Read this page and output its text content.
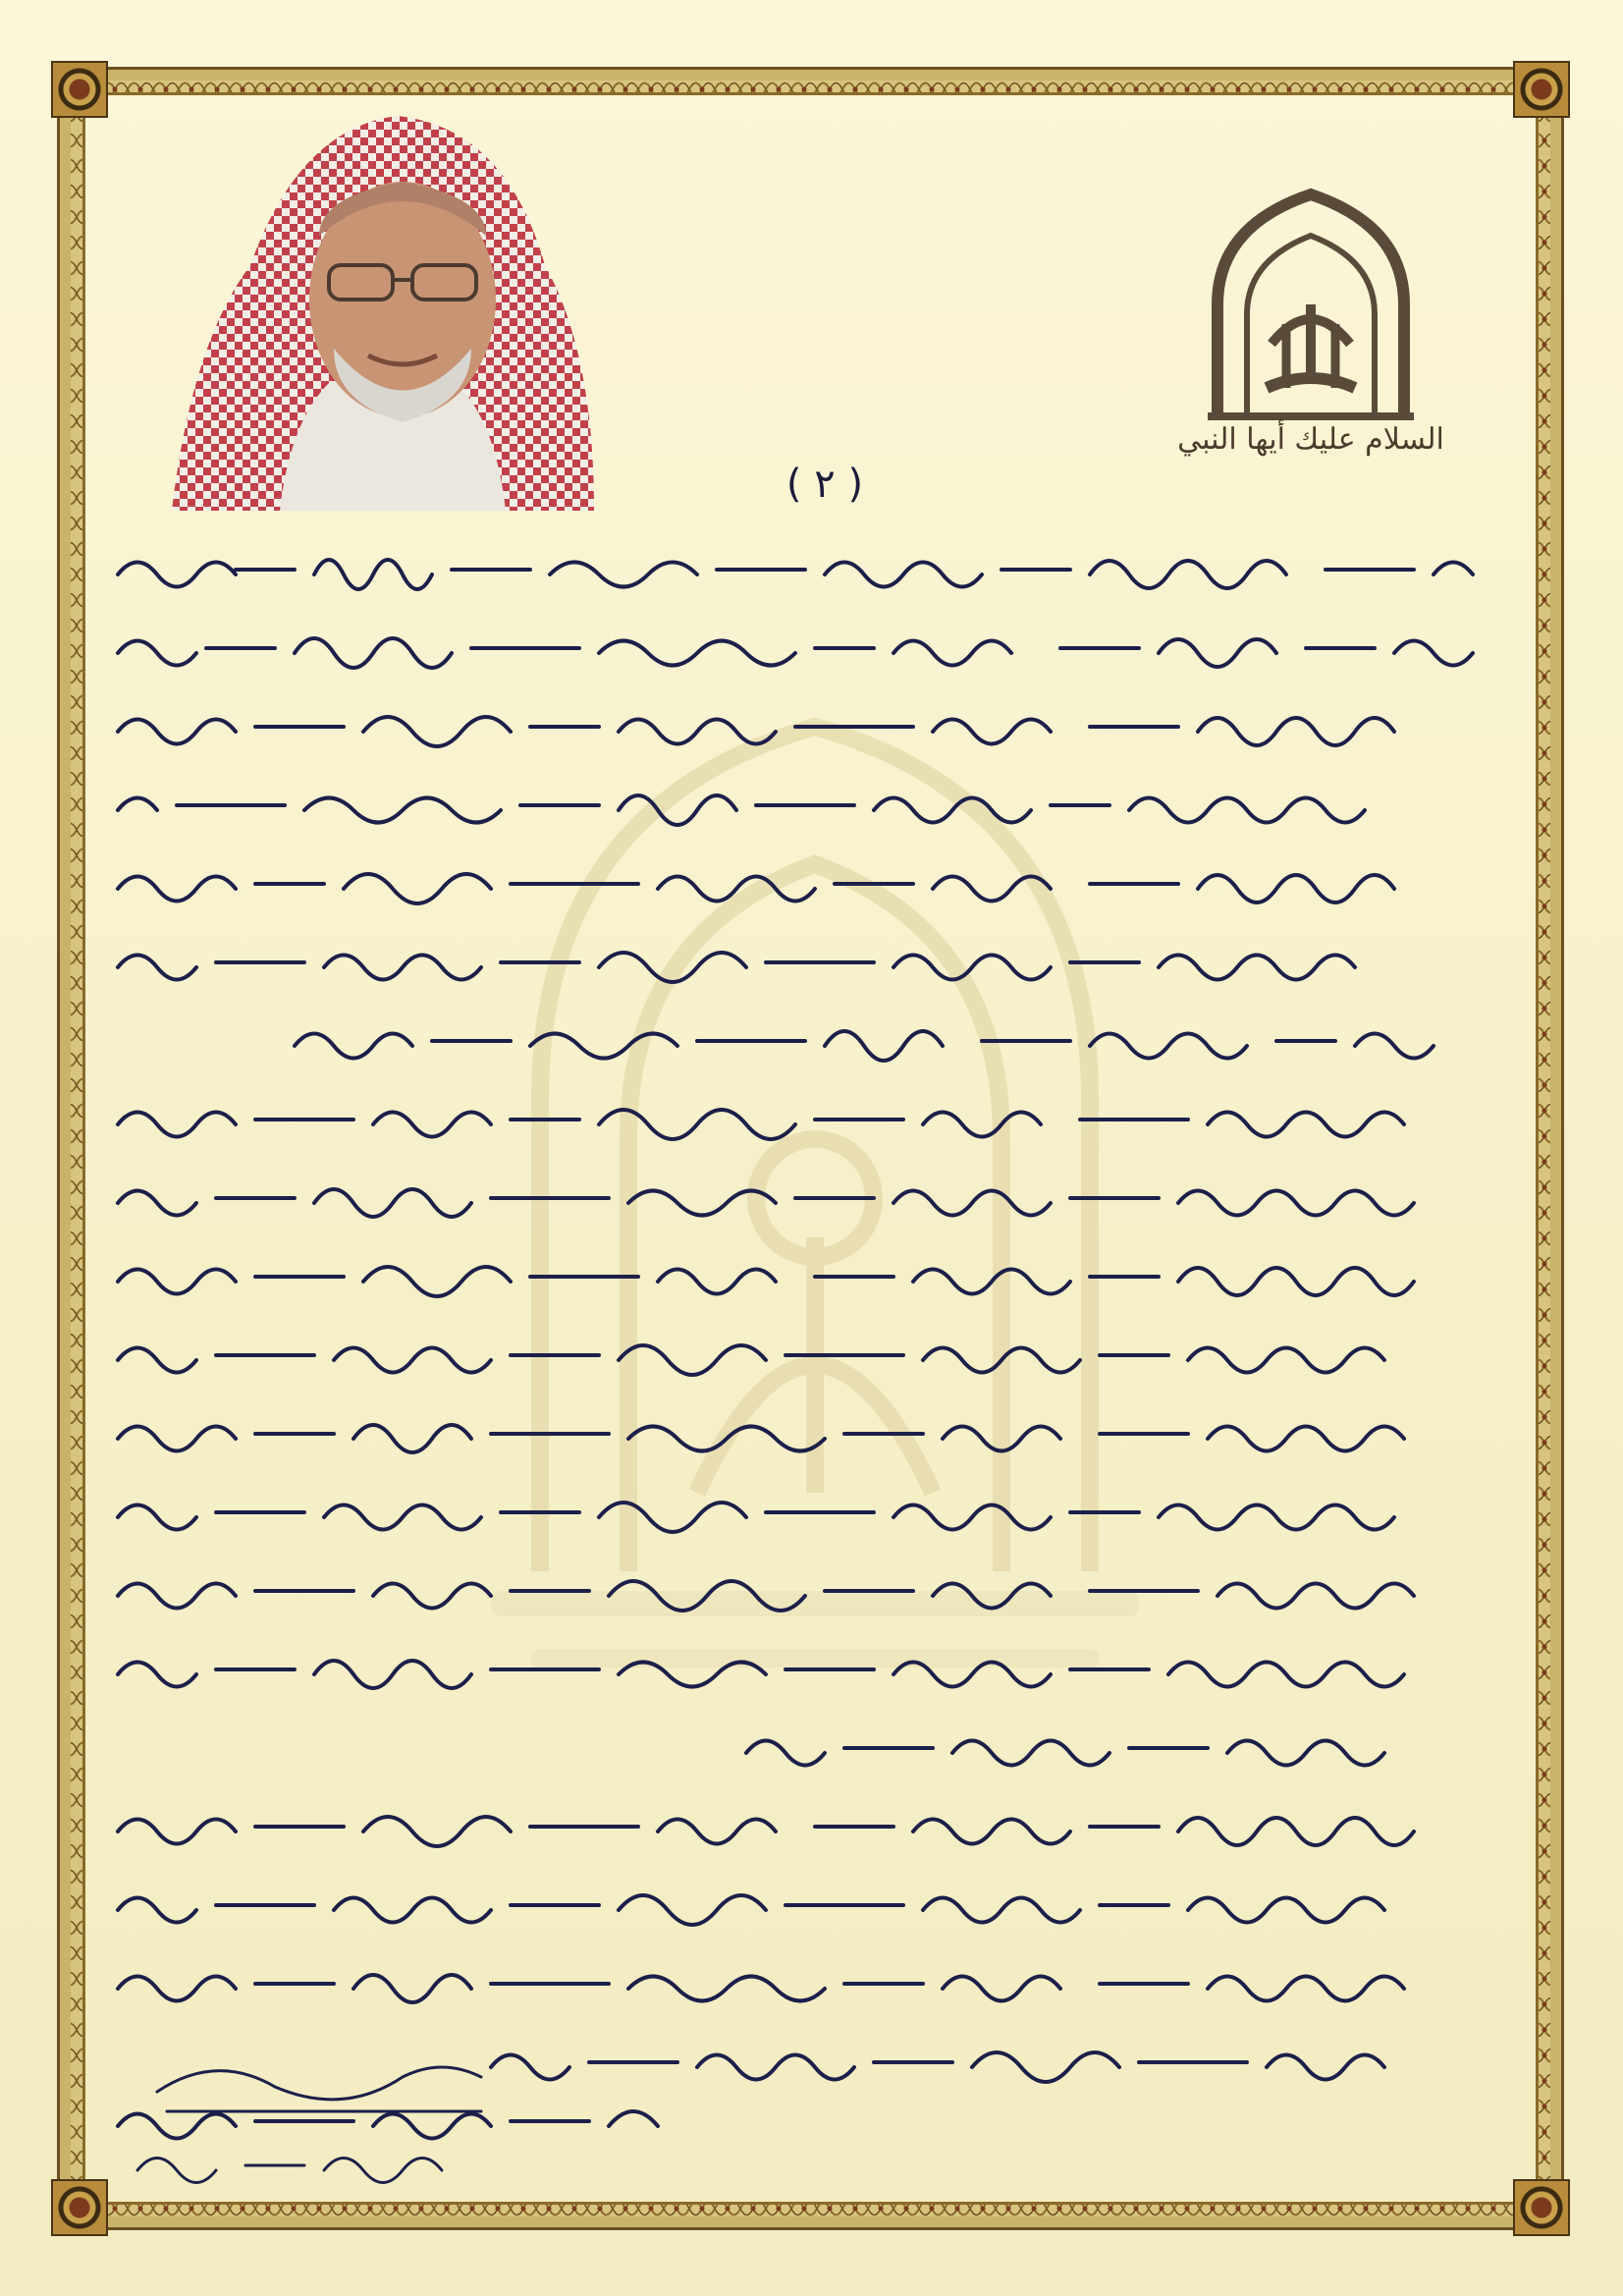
السلام عليك أيها النبي
( ٢ )
